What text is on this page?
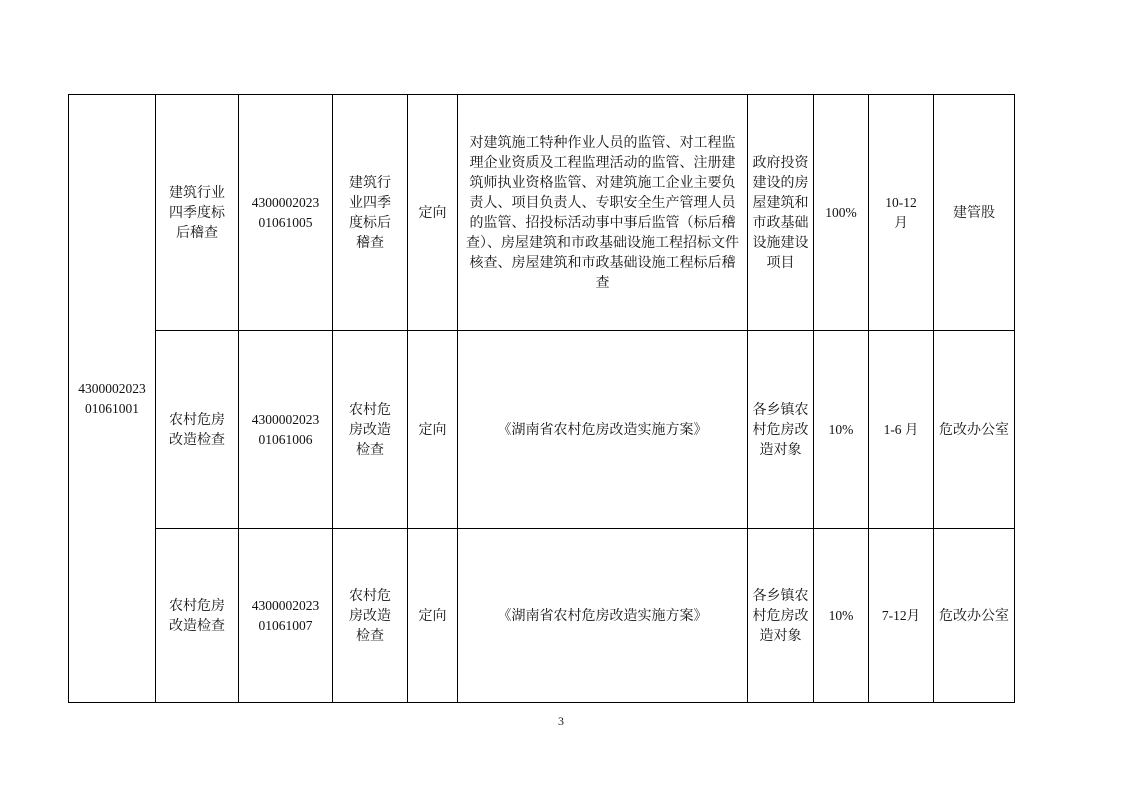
430000202301061001	建筑行业四季度标后稽查	430000202301061005	建筑行业四季度标后稽查	定向	对建筑施工特种作业人员的监管、对工程监理企业资质及工程监理活动的监管、注册建筑师执业资格监管、对建筑施工企业主要负责人、项目负责人、专职安全生产管理人员的监管、招投标活动事中事后监管（标后稽查）、房屋建筑和市政基础设施工程招标文件核查、房屋建筑和市政基础设施工程标后稽查	政府投资建设的房屋建筑和市政基础设施建设项目	100%	10-12月	建管股
	农村危房改造检查	430000202301061006	农村危房改造检查	定向	《湖南省农村危房改造实施方案》	各乡镇农村危房改造对象	10%	1-6 月	危改办公室
	农村危房改造检查	430000202301061007	农村危房改造检查	定向	《湖南省农村危房改造实施方案》	各乡镇农村危房改造对象	10%	7-12月	危改办公室
3
